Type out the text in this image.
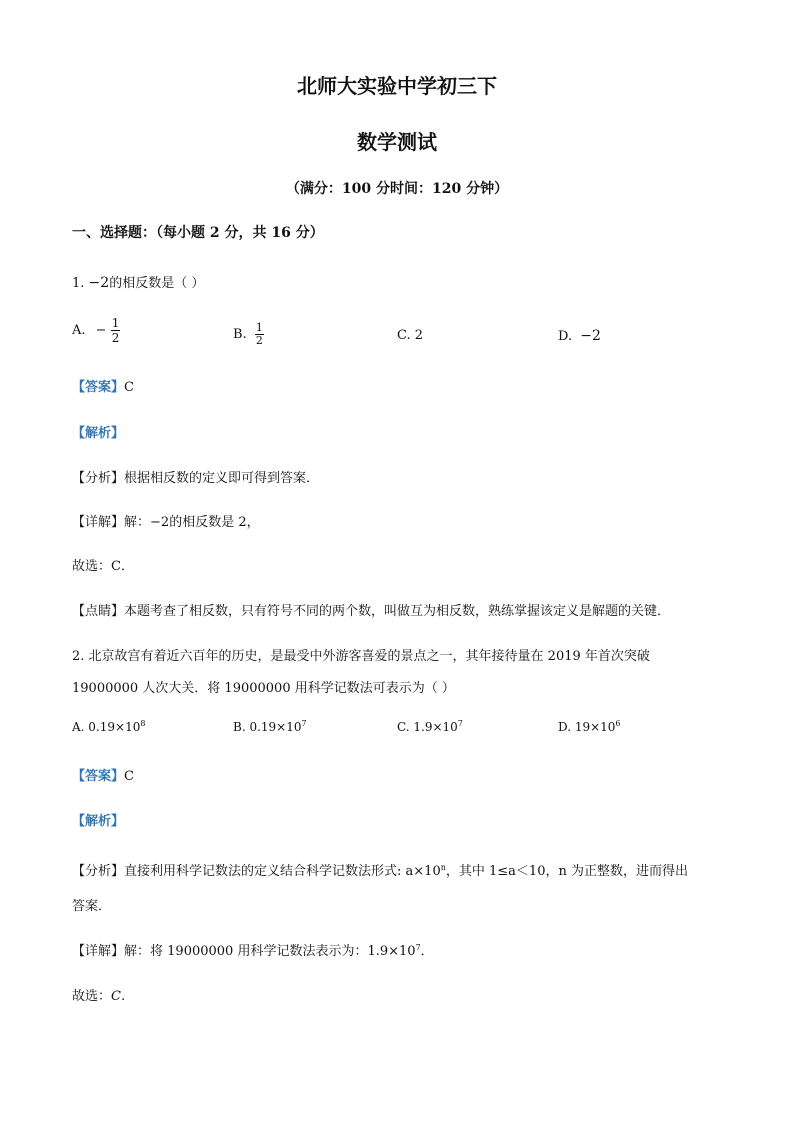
北师大实验中学初三下
数学测试
（满分：100 分时间：120 分钟）
一、选择题：（每小题 2 分，共 16 分）
1. −2的相反数是（ ）
A. − $\frac{1}{2}$	B. $\frac{1}{2}$	C. 2	D. −2
【答案】C
【解析】
【分析】根据相反数的定义即可得到答案．
【详解】解：−2的相反数是 2，
故选：C．
【点睛】本题考查了相反数，只有符号不同的两个数，叫做互为相反数，熟练掌握该定义是解题的关键．
2. 北京故宫有着近六百年的历史，是最受中外游客喜爱的景点之一，其年接待量在 2019 年首次突破
19000000 人次大关．将 19000000 用科学记数法可表示为（ ）
A. $0.19\times 10^8$	B. $0.19\times 10^7$	C. $1.9\times 10^7$	D. $19\times 10^6$
【答案】C
【解析】
【分析】直接利用科学记数法的定义结合科学记数法形式: $a\times 10^n$，其中 1≤a＜10，n 为正整数，进而得出
答案．
【详解】解：将 19000000 用科学记数法表示为：$1.9\times 10^7$．
故选：C.
